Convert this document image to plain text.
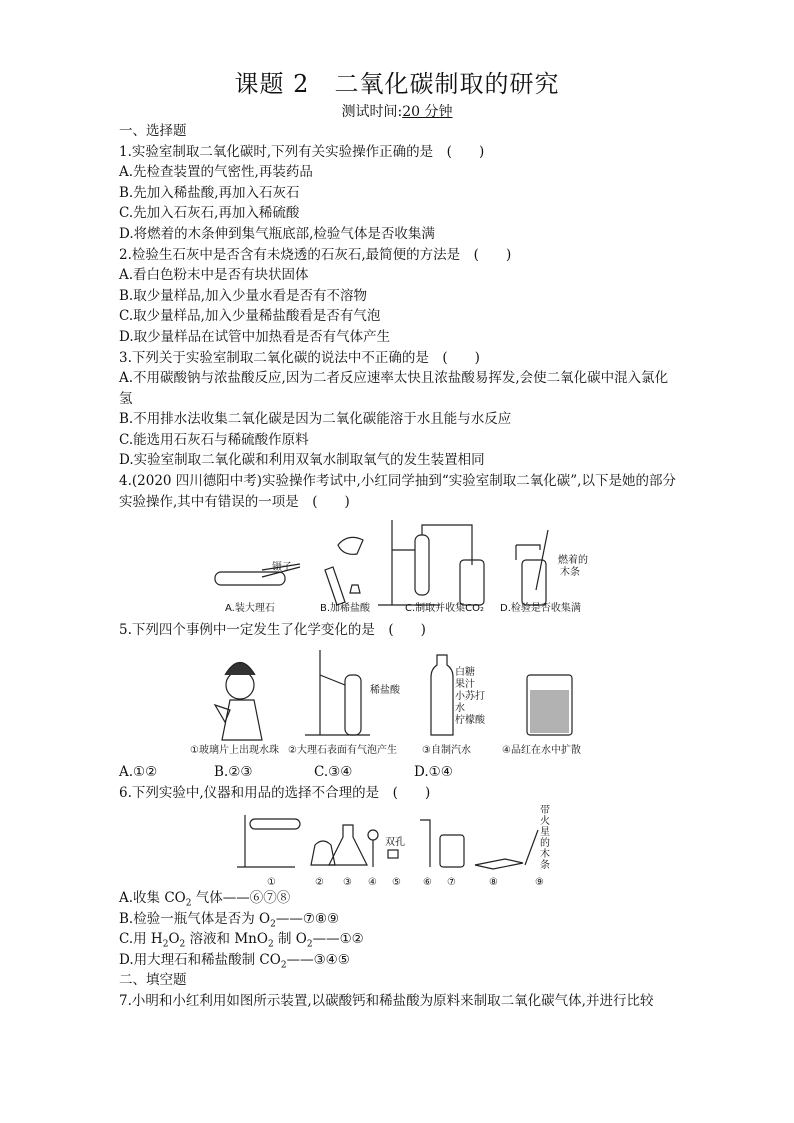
课题 2　二氧化碳制取的研究
测试时间:20 分钟
一、选择题
1.实验室制取二氧化碳时,下列有关实验操作正确的是　(　　)
A.先检查装置的气密性,再装药品
B.先加入稀盐酸,再加入石灰石
C.先加入石灰石,再加入稀硫酸
D.将燃着的木条伸到集气瓶底部,检验气体是否收集满
2.检验生石灰中是否含有未烧透的石灰石,最简便的方法是　(　　)
A.看白色粉末中是否有块状固体
B.取少量样品,加入少量水看是否有不溶物
C.取少量样品,加入少量稀盐酸看是否有气泡
D.取少量样品在试管中加热看是否有气体产生
3.下列关于实验室制取二氧化碳的说法中不正确的是　(　　)
A.不用碳酸钠与浓盐酸反应,因为二者反应速率太快且浓盐酸易挥发,会使二氧化碳中混入氯化氢
B.不用排水法收集二氧化碳是因为二氧化碳能溶于水且能与水反应
C.能选用石灰石与稀硫酸作原料
D.实验室制取二氧化碳和利用双氧水制取氧气的发生装置相同
4.(2020 四川德阳中考)实验操作考试中,小红同学抽到“实验室制取二氧化碳”,以下是她的部分实验操作,其中有错误的一项是　(　　)
镊子
燃着的
木条
A.装大理石	B.加稀盐酸	C.制取并收集CO₂ D.检验是否收集满
5.下列四个事例中一定发生了化学变化的是　(　　)
稀盐酸
白糖
果汁
小苏打
水
柠檬酸
①玻璃片上出现水珠 ②大理石表面有气泡产生	③自制汽水	④品红在水中扩散
A.①②	B.②③	C.③④	D.①④
6.下列实验中,仪器和用品的选择不合理的是　(　　)
双孔
带
火
星
的
木
条
①	② ③ ④ ⑤ ⑥ ⑦	⑧	⑨
A.收集 $CO_2$ 气体——⑥⑦⑧
B.检验一瓶气体是否为 $O_2——⑦⑧⑨$
C.用 $H_2O_2$ 溶液和 MnO$_2$ 制 $O_2——①②$
D.用大理石和稀盐酸制 $CO_2——③④⑤$
二、填空题
7.小明和小红利用如图所示装置,以碳酸钙和稀盐酸为原料来制取二氧化碳气体,并进行比较
